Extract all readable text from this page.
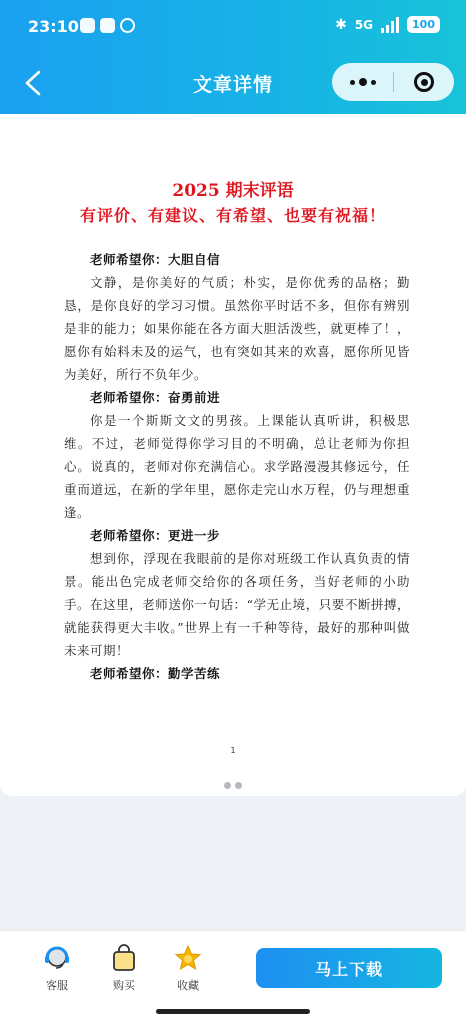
23:10	✱ 5G	100
文章详情
2025 期末评语
有评价、有建议、有希望、也要有祝福！
老师希望你：大胆自信
文静，是你美好的气质；朴实，是你优秀的品格；勤恳，是你良好的学习习惯。虽然你平时话不多，但你有辨别是非的能力；如果你能在各方面大胆活泼些，就更棒了！，愿你有始料未及的运气，也有突如其来的欢喜，愿你所见皆为美好，所行不负年少。
老师希望你：奋勇前进
你是一个斯斯文文的男孩。上课能认真听讲，积极思维。不过，老师觉得你学习目的不明确，总让老师为你担心。说真的，老师对你充满信心。求学路漫漫其修远兮，任重而道远，在新的学年里，愿你走完山水万程，仍与理想重逢。
老师希望你：更进一步
想到你，浮现在我眼前的是你对班级工作认真负责的情景。能出色完成老师交给你的各项任务，当好老师的小助手。在这里，老师送你一句话：“学无止境，只要不断拼搏，就能获得更大丰收。”世界上有一千种等待，最好的那种叫做未来可期！
老师希望你：勤学苦练
1
客服	购买	收藏
马上下载
